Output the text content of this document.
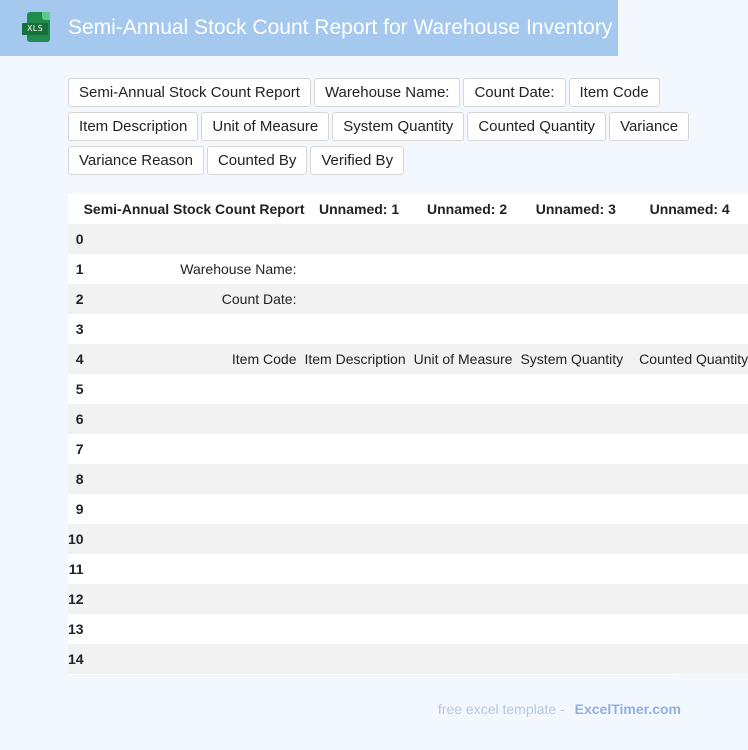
XLS Semi-Annual Stock Count Report for Warehouse Inventory
Semi-Annual Stock Count Report	Warehouse Name:	Count Date:	Item Code
Item Description	Unit of Measure	System Quantity	Counted Quantity	Variance
Variance Reason	Counted By	Verified By
	Semi-Annual Stock Count Report	Unnamed: 1	Unnamed: 2	Unnamed: 3	Unnamed: 4
0					
1	Warehouse Name:				
2	Count Date:				
3					
4	Item Code	Item Description	Unit of Measure	System Quantity	Counted Quantity
5					
6					
7					
8					
9					
10					
11					
12					
13					
14					
free excel template - ExcelTimer.com
